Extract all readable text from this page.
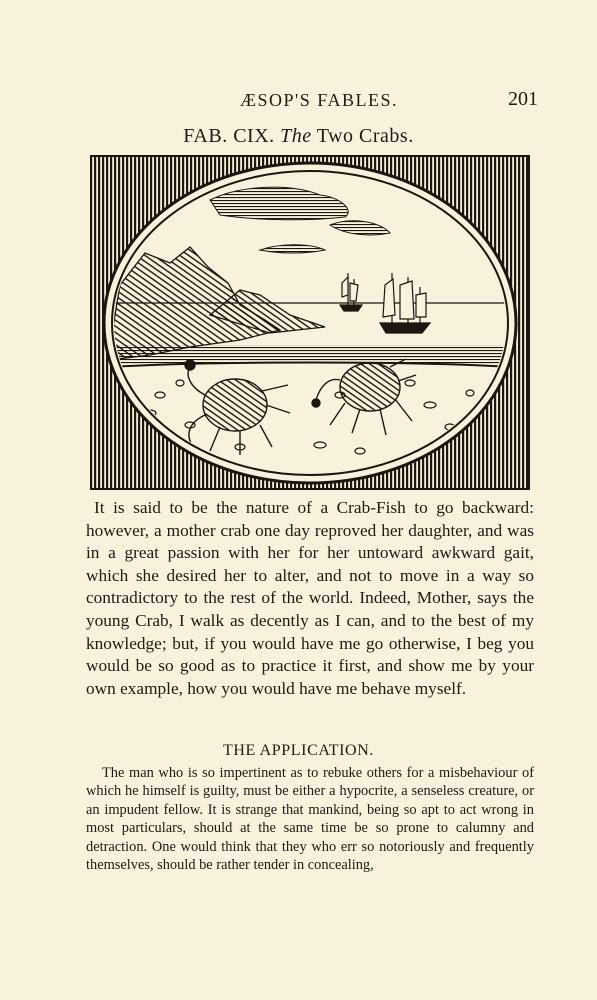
ÆSOP'S FABLES.	201
FAB. CIX. The Two Crabs.

It is said to be the nature of a Crab-Fish to go backward: however, a mother crab one day reproved her daughter, and was in a great passion with her for her untoward awkward gait, which she desired her to alter, and not to move in a way so contradictory to the rest of the world. Indeed, Mother, says the young Crab, I walk as decently as I can, and to the best of my knowledge; but, if you would have me go otherwise, I beg you would be so good as to practice it first, and show me by your own example, how you would have me behave myself.

THE APPLICATION.

The man who is so impertinent as to rebuke others for a misbehaviour of which he himself is guilty, must be either a hypocrite, a senseless creature, or an impudent fellow. It is strange that mankind, being so apt to act wrong in most particulars, should at the same time be so prone to calumny and detraction. One would think that they who err so notoriously and frequently themselves, should be rather tender in concealing,
